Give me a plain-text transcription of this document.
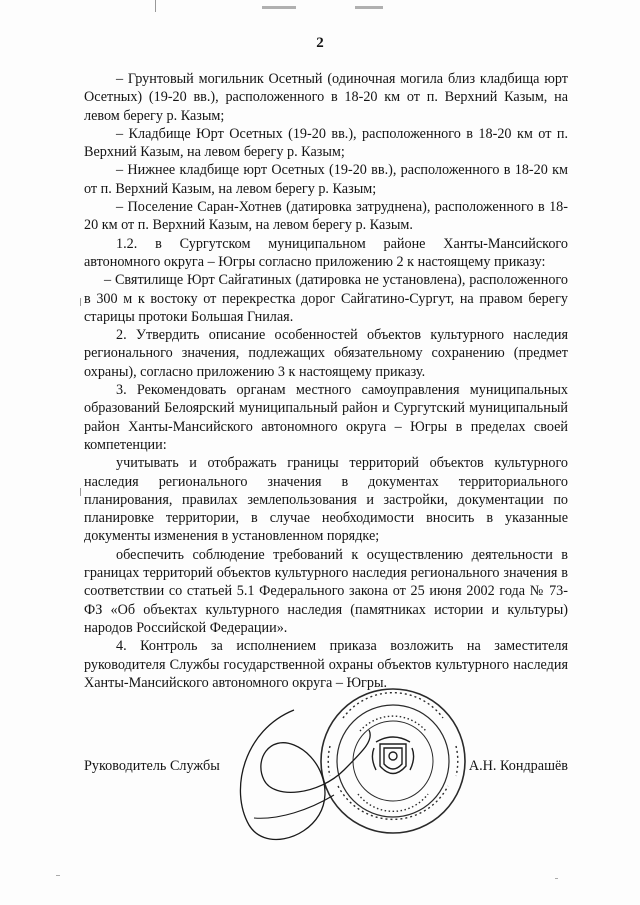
2

– Грунтовый могильник Осетный (одиночная могила близ кладбища юрт Осетных) (19-20 вв.), расположенного в 18-20 км от п. Верхний Казым, на левом берегу р. Казым;

– Кладбище Юрт Осетных (19-20 вв.), расположенного в 18-20 км от п. Верхний Казым, на левом берегу р. Казым;

– Нижнее кладбище юрт Осетных (19-20 вв.), расположенного в 18-20 км от п. Верхний Казым, на левом берегу р. Казым;

– Поселение Саран-Хотнев (датировка затруднена), расположенного в 18-20 км от п. Верхний Казым, на левом берегу р. Казым.

1.2. в Сургутском муниципальном районе Ханты-Мансийского автономного округа – Югры согласно приложению 2 к настоящему приказу:

– Святилище Юрт Сайгатиных (датировка не установлена), расположенного в 300 м к востоку от перекрестка дорог Сайгатино-Сургут, на правом берегу старицы протоки Большая Гнилая.

2. Утвердить описание особенностей объектов культурного наследия регионального значения, подлежащих обязательному сохранению (предмет охраны), согласно приложению 3 к настоящему приказу.

3. Рекомендовать органам местного самоуправления муниципальных образований Белоярский муниципальный район и Сургутский муниципальный район Ханты-Мансийского автономного округа – Югры в пределах своей компетенции:

учитывать и отображать границы территорий объектов культурного наследия регионального значения в документах территориального планирования, правилах землепользования и застройки, документации по планировке территории, в случае необходимости вносить в указанные документы изменения в установленном порядке;

обеспечить соблюдение требований к осуществлению деятельности в границах территорий объектов культурного наследия регионального значения в соответствии со статьей 5.1 Федерального закона от 25 июня 2002 года № 73-ФЗ «Об объектах культурного наследия (памятниках истории и культуры) народов Российской Федерации».

4. Контроль за исполнением приказа возложить на заместителя руководителя Службы государственной охраны объектов культурного наследия Ханты-Мансийского автономного округа – Югры.

Руководитель Службы	А.Н. Кондрашёв
